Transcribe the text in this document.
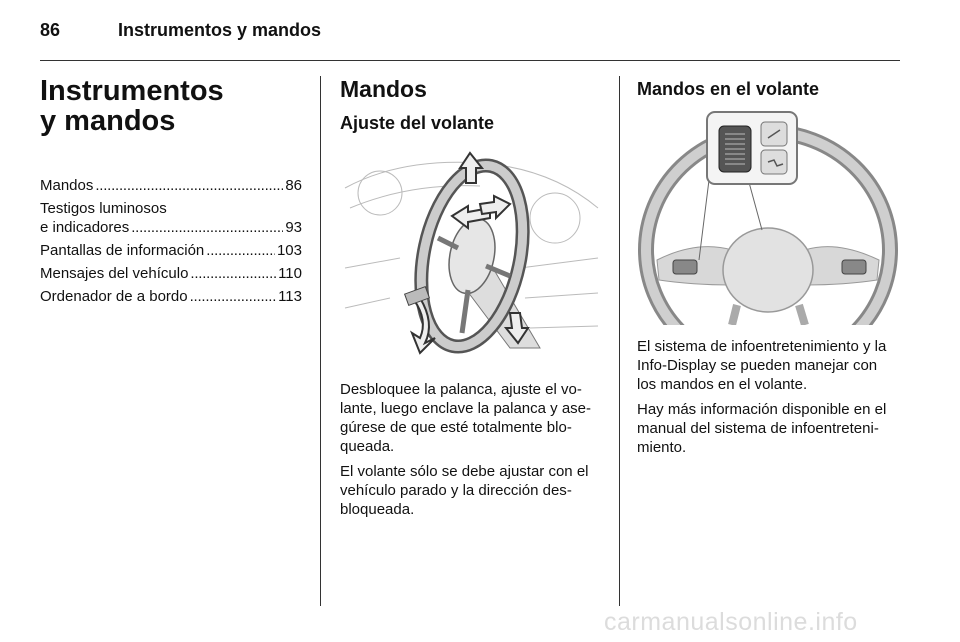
86	Instrumentos y mandos
Instrumentos
y mandos
Mandos . . .	86
Testigos luminosos
e indicadores . . .	93
Pantallas de información . . .	103
Mensajes del vehículo . . .	110
Ordenador de a bordo . . .	113
Mandos
Ajuste del volante

Desbloquee la palanca, ajuste el volante, luego enclave la palanca y asegúrese de que esté totalmente bloqueada.

El volante sólo se debe ajustar con el vehículo parado y la dirección desbloqueada.

Mandos en el volante

El sistema de infoentretenimiento y la Info-Display se pueden manejar con los mandos en el volante.

Hay más información disponible en el manual del sistema de infoentretenimiento.

carmanualsonline.info
